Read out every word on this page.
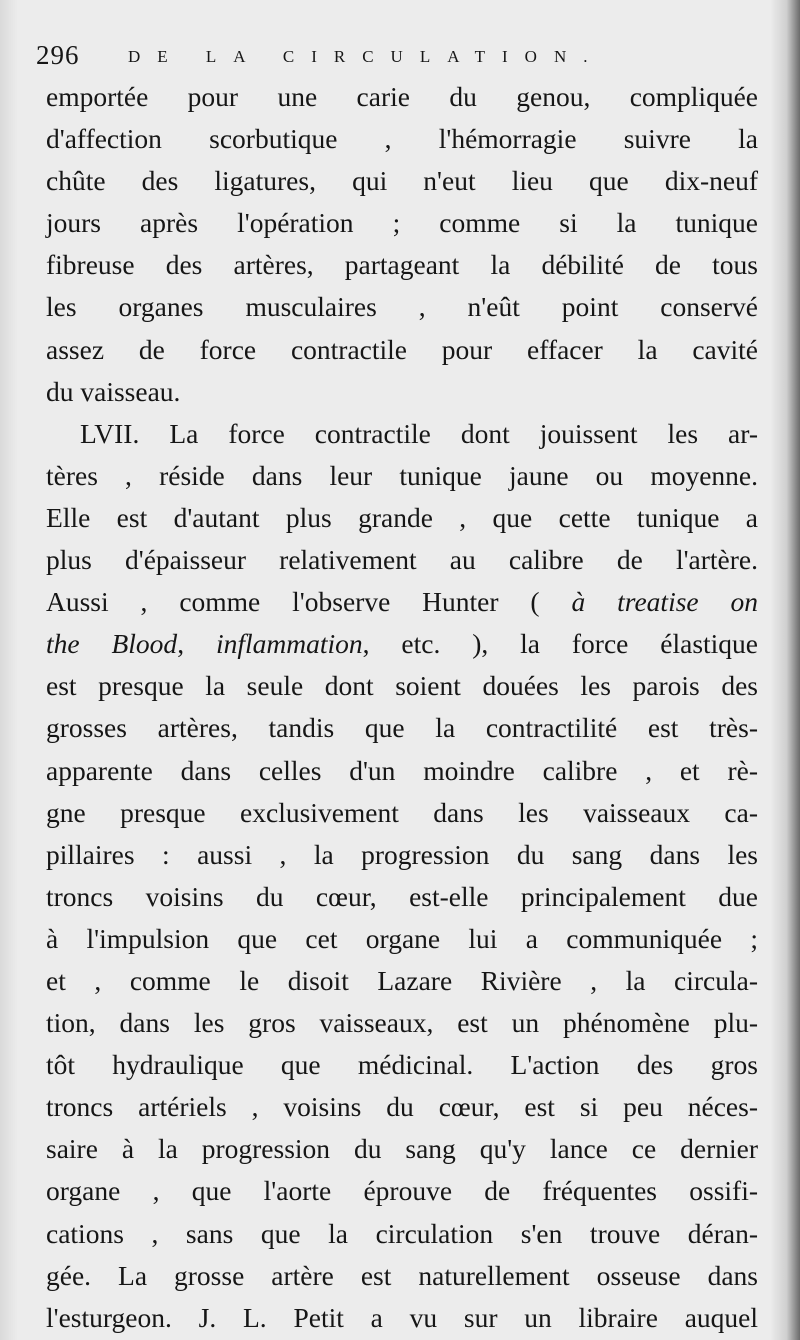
296	DE LA CIRCULATION.
emportée pour une carie du genou, compliquée
d'affection scorbutique , l'hémorragie suivre la
chûte des ligatures, qui n'eut lieu que dix-neuf
jours après l'opération ; comme si la tunique
fibreuse des artères, partageant la débilité de tous
les organes musculaires , n'eût point conservé
assez de force contractile pour effacer la cavité
du vaisseau.
LVII. La force contractile dont jouissent les ar-
tères , réside dans leur tunique jaune ou moyenne.
Elle est d'autant plus grande , que cette tunique a
plus d'épaisseur relativement au calibre de l'artère.
Aussi , comme l'observe Hunter ( à treatise on
the Blood, inflammation, etc. ), la force élastique
est presque la seule dont soient douées les parois des
grosses artères, tandis que la contractilité est très-
apparente dans celles d'un moindre calibre , et rè-
gne presque exclusivement dans les vaisseaux ca-
pillaires : aussi , la progression du sang dans les
troncs voisins du cœur, est-elle principalement due
à l'impulsion que cet organe lui a communiquée ;
et , comme le disoit Lazare Rivière , la circula-
tion, dans les gros vaisseaux, est un phénomène plu-
tôt hydraulique que médicinal. L'action des gros
troncs artériels , voisins du cœur, est si peu néces-
saire à la progression du sang qu'y lance ce dernier
organe , que l'aorte éprouve de fréquentes ossifi-
cations , sans que la circulation s'en trouve déran-
gée. La grosse artère est naturellement osseuse dans
l'esturgeon. J. L. Petit a vu sur un libraire auquel
